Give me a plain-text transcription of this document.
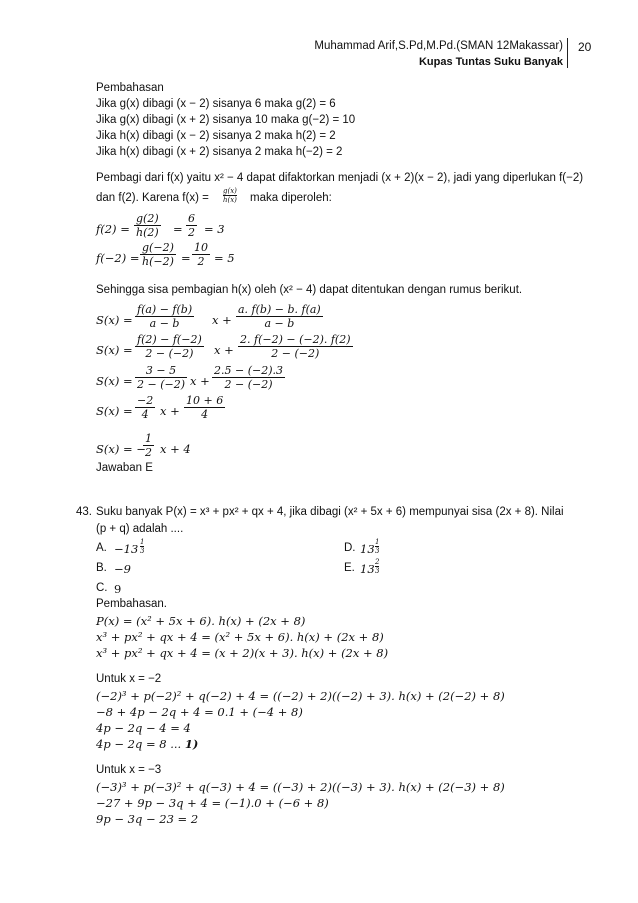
Muhammad Arif,S.Pd,M.Pd.(SMAN 12Makassar)
Kupas Tuntas Suku Banyak
20
Pembahasan
Jika g(x) dibagi (x − 2) sisanya 6 maka g(2) = 6
Jika g(x) dibagi (x + 2) sisanya 10 maka g(−2) = 10
Jika h(x) dibagi (x − 2) sisanya 2 maka h(2) = 2
Jika h(x) dibagi (x + 2) sisanya 2 maka h(−2) = 2
Pembagi dari f(x) yaitu x² − 4 dapat difaktorkan menjadi (x + 2)(x − 2), jadi yang diperlukan f(−2)
dan f(2). Karena $f(x) = \frac{g(x)}{h(x)}$ maka diperoleh:
$f(2) = \frac{g(2)}{h(2)} = \frac{6}{2} = 3$
$f(-2) = \frac{g(-2)}{h(-2)} = \frac{10}{2} = 5$
Sehingga sisa pembagian h(x) oleh (x² − 4) dapat ditentukan dengan rumus berikut.
$S(x) = \frac{f(a) - f(b)}{a - b}$ $x + \frac{a. f(b) - b. f(a)}{a - b}$
$S(x) = \frac{f(2) - f(-2)}{2 - (-2)}$ $x + \frac{2. f(-2) - (-2). f(2)}{2 - (-2)}$
$S(x) = \frac{3 - 5}{2 - (-2)}$ $x + \frac{2.5 - (-2).3}{2 - (-2)}$
$S(x) = \frac{-2}{4}$ $x + \frac{10 + 6}{4}$
S(x) = −
$\frac{1}{2}$ x + 4
Jawaban E
43. Suku banyak P(x) = x³ + px² + qx + 4, jika dibagi (x² + 5x + 6) mempunyai sisa (2x + 8). Nilai
(p + q) adalah ....
A. $-13 \frac{1}{3}$	D. $13 \frac{1}{3}$
B. −9	E. $13 \frac{2}{3}$
C. 9
Pembahasan.
P(x) = (x² + 5x + 6). h(x) + (2x + 8)
x³ + px² + qx + 4 = (x² + 5x + 6). h(x) + (2x + 8)
x³ + px² + qx + 4 = (x + 2)(x + 3). h(x) + (2x + 8)
Untuk x = −2
(−2)³ + p(−2)² + q(−2) + 4 = ((−2) + 2)((−2) + 3). h(x) + (2(−2) + 8)
−8 + 4p − 2q + 4 = 0.1 + (−4 + 8)
4p − 2q − 4 = 4
4p − 2q = 8 ... 1)
Untuk x = −3
(−3)³ + p(−3)² + q(−3) + 4 = ((−3) + 2)((−3) + 3). h(x) + (2(−3) + 8)
−27 + 9p − 3q + 4 = (−1).0 + (−6 + 8)
9p − 3q − 23 = 2
